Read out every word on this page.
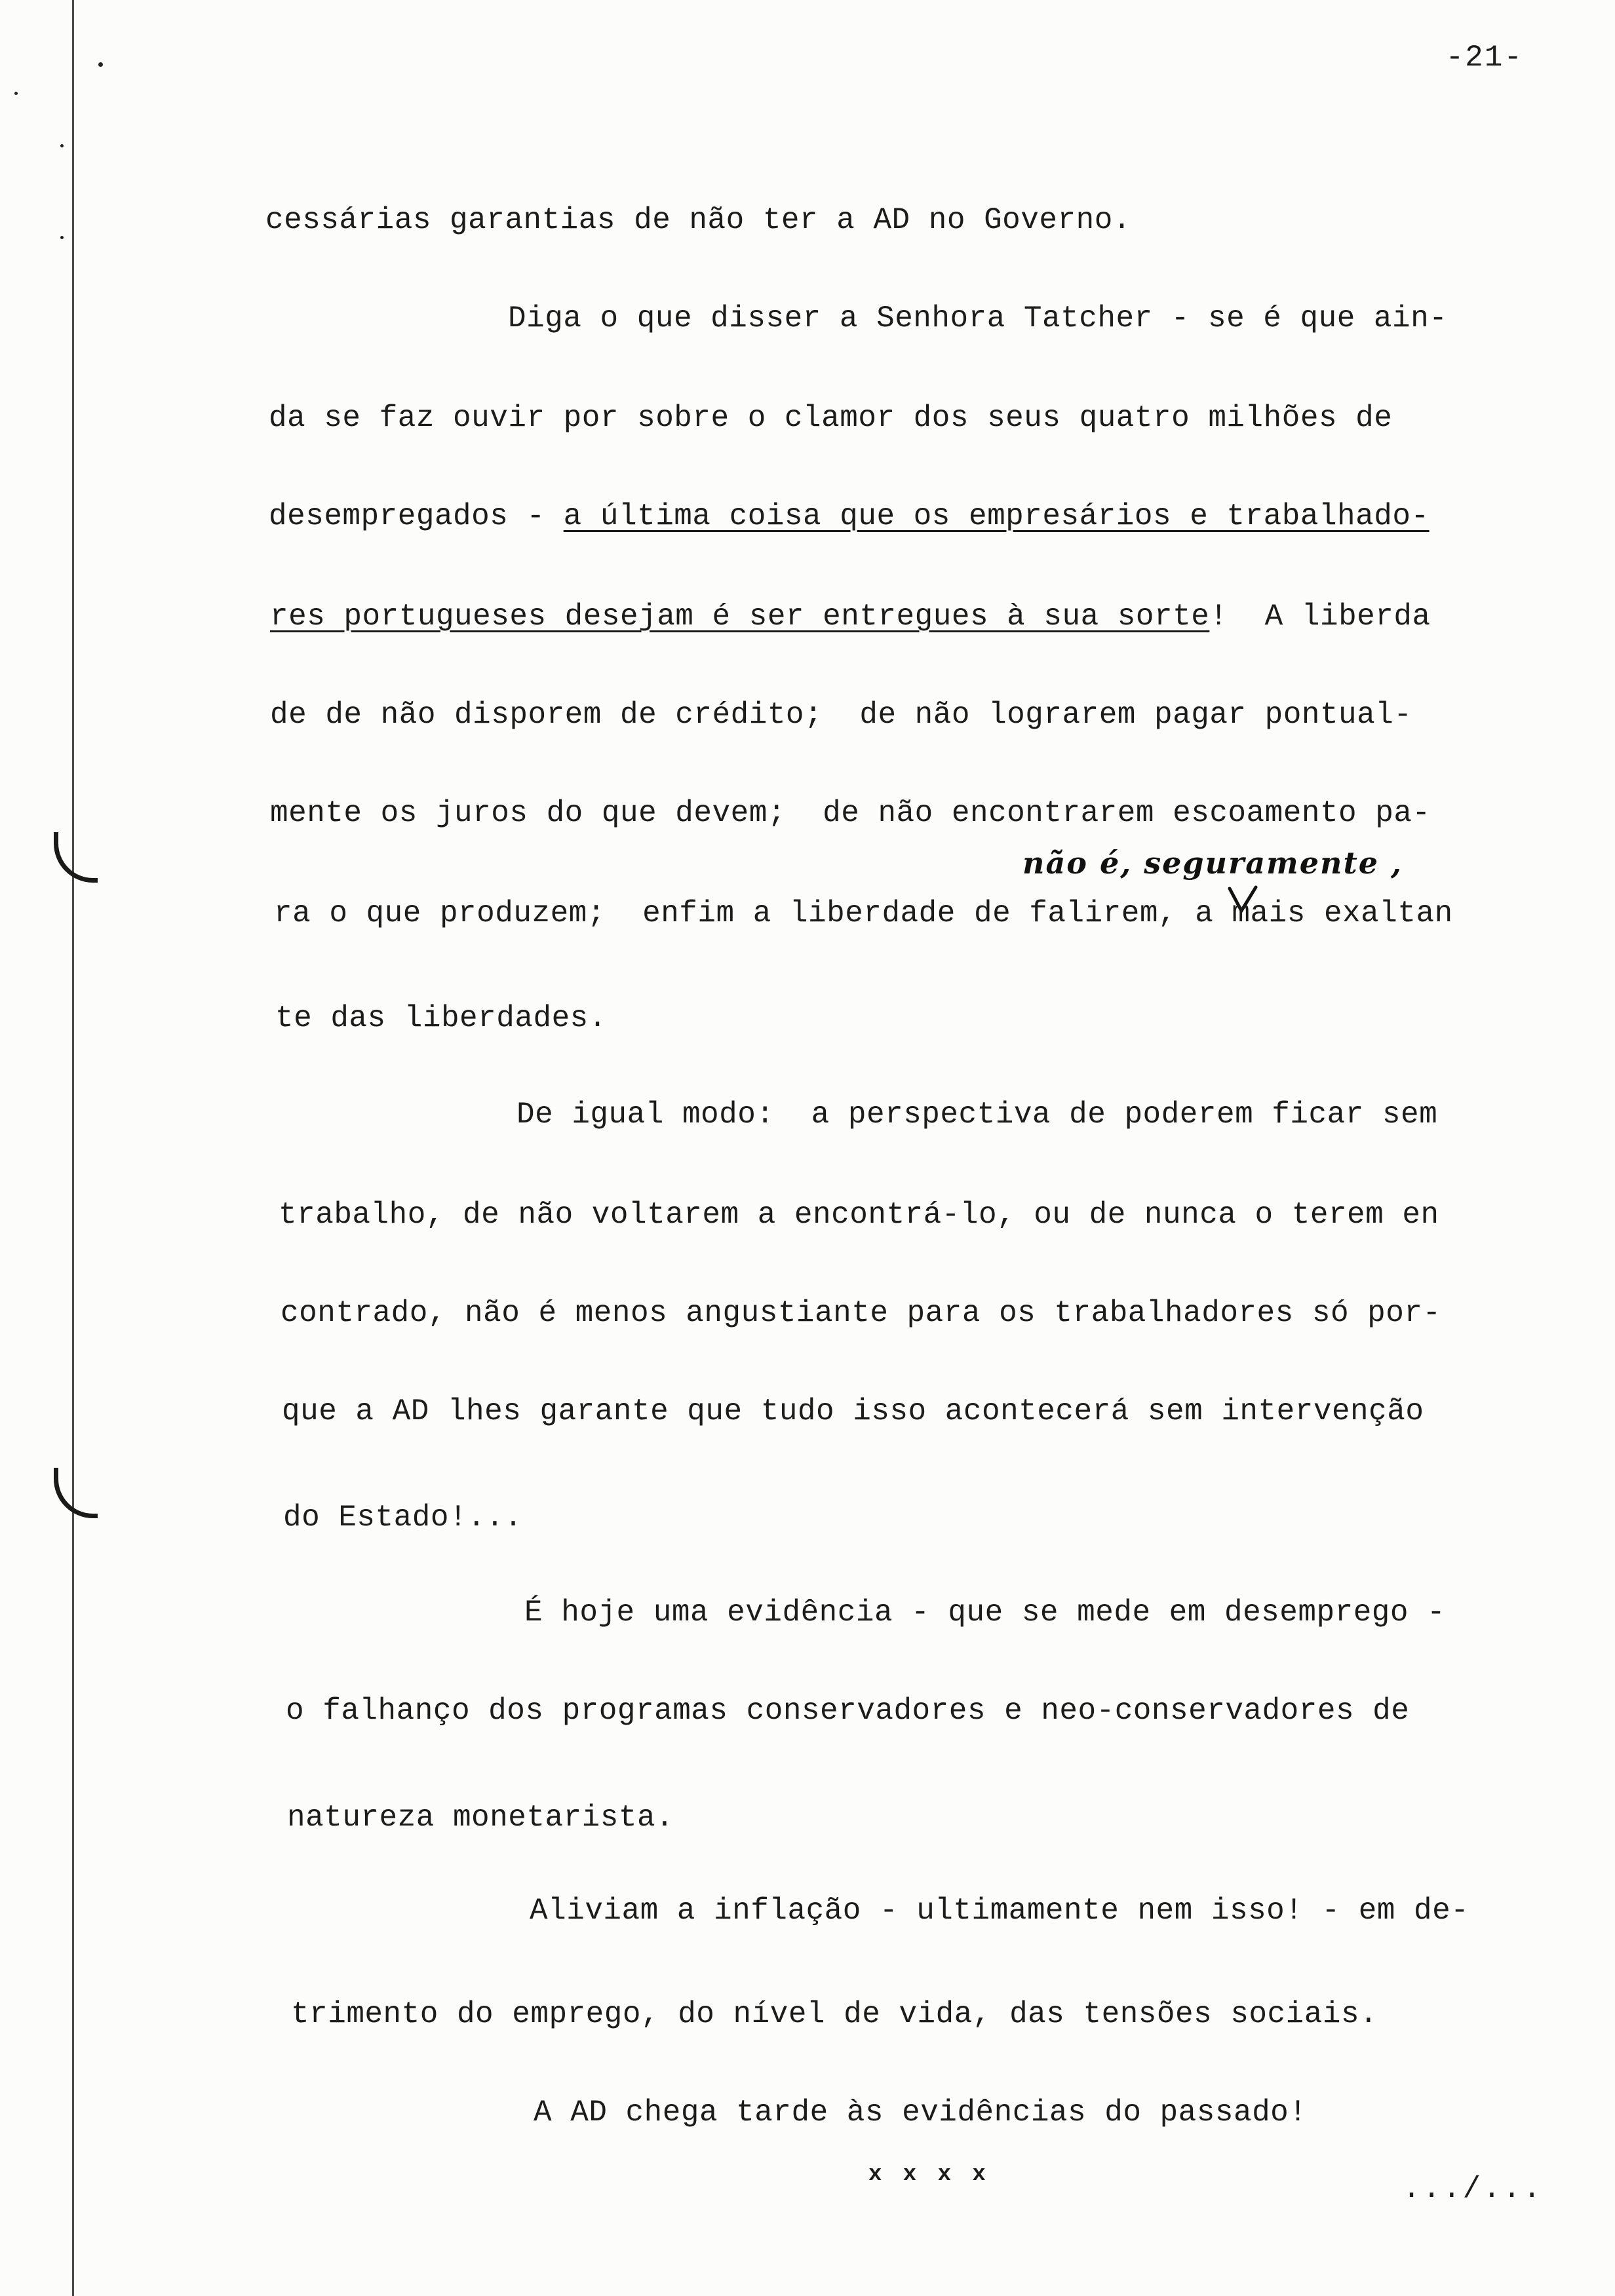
-21-
cessárias garantias de não ter a AD no Governo.
Diga o que disser a Senhora Tatcher - se é que ain-
da se faz ouvir por sobre o clamor dos seus quatro milhões de
desempregados - a última coisa que os empresários e trabalhado-
res portugueses desejam é ser entregues à sua sorte!  A liberda
de de não disporem de crédito;  de não lograrem pagar pontual-
mente os juros do que devem;  de não encontrarem escoamento pa-
não é, seguramente ,
ra o que produzem;  enfim a liberdade de falirem, a mais exaltan
te das liberdades.
De igual modo:  a perspectiva de poderem ficar sem
trabalho, de não voltarem a encontrá-lo, ou de nunca o terem en
contrado, não é menos angustiante para os trabalhadores só por-
que a AD lhes garante que tudo isso acontecerá sem intervenção
do Estado!...
É hoje uma evidência - que se mede em desemprego -
o falhanço dos programas conservadores e neo-conservadores de
natureza monetarista.
Aliviam a inflação - ultimamente nem isso! - em de-
trimento do emprego, do nível de vida, das tensões sociais.
A AD chega tarde às evidências do passado!
x x x x	.../...
